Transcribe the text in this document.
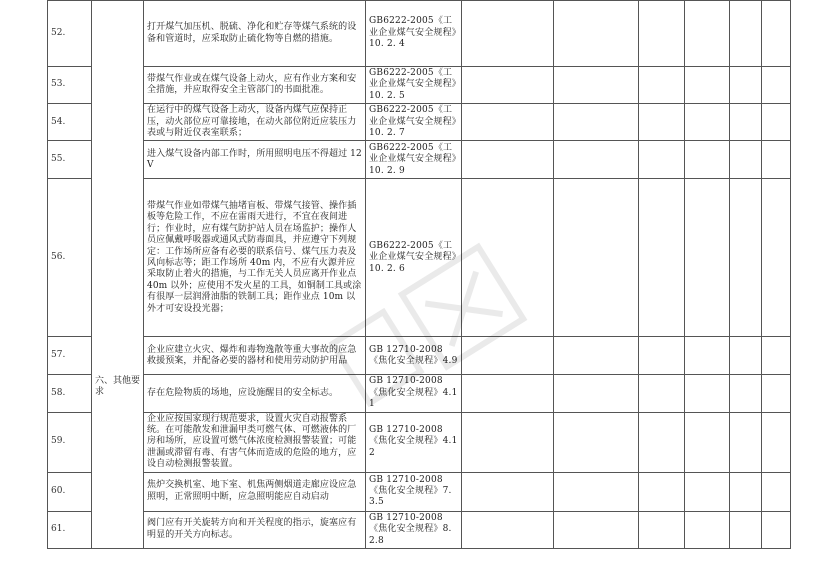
52.	六、其他要求	打开煤气加压机、脱硫、净化和贮存等煤气系统的设备和管道时，应采取防止硫化物等自燃的措施。	GB6222-2005《工业企业煤气安全规程》10. 2. 4						
53.		带煤气作业或在煤气设备上动火，应有作业方案和安全措施，并应取得安全主管部门的书面批准。	GB6222-2005《工业企业煤气安全规程》10. 2. 5						
54.		在运行中的煤气设备上动火，设备内煤气应保持正压，动火部位应可靠接地，在动火部位附近应装压力表或与附近仪表室联系；	GB6222-2005《工业企业煤气安全规程》10. 2. 7						
55.		进入煤气设备内部工作时，所用照明电压不得超过 12V	GB6222-2005《工业企业煤气安全规程》10. 2. 9						
56.		带煤气作业如带煤气抽堵盲板、带煤气接管、操作插板等危险工作，不应在雷雨天进行，不宜在夜间进行；作业时，应有煤气防护站人员在场监护；操作人员应佩戴呼吸器或通风式防毒面具，并应遵守下列规定：工作场所应备有必要的联系信号、煤气压力表及风向标志等；距工作场所 40m 内，不应有火源并应采取防止着火的措施，与工作无关人员应离开作业点 40m 以外；应使用不发火星的工具，如铜制工具或涂有很厚一层润滑油脂的铁制工具；距作业点 10m 以外才可安设投光器；	GB6222-2005《工业企业煤气安全规程》10. 2. 6						
57.		企业应建立火灾、爆炸和毒物逸散等重大事故的应急救援预案，并配备必要的器材和使用劳动防护用品	GB 12710-2008《焦化安全规程》4.9						
58.		存在危险物质的场地，应设施醒目的安全标志。	GB 12710-2008《焦化安全规程》4.11						
59.		企业应按国家现行规范要求，设置火灾自动报警系统。在可能散发和泄漏甲类可燃气体、可燃液体的厂房和场所，应设置可燃气体浓度检测报警装置；可能泄漏或滞留有毒、有害气体而造成的危险的地方，应设自动检测报警装置。	GB 12710-2008《焦化安全规程》4.12						
60.		焦炉交换机室、地下室、机焦两侧烟道走廊应设应急照明，正常照明中断，应急照明能应自动启动	GB 12710-2008《焦化安全规程》7.3.5						
61.		阀门应有开关旋转方向和开关程度的指示，旋塞应有明显的开关方向标志。	GB 12710-2008《焦化安全规程》8.2.8						
